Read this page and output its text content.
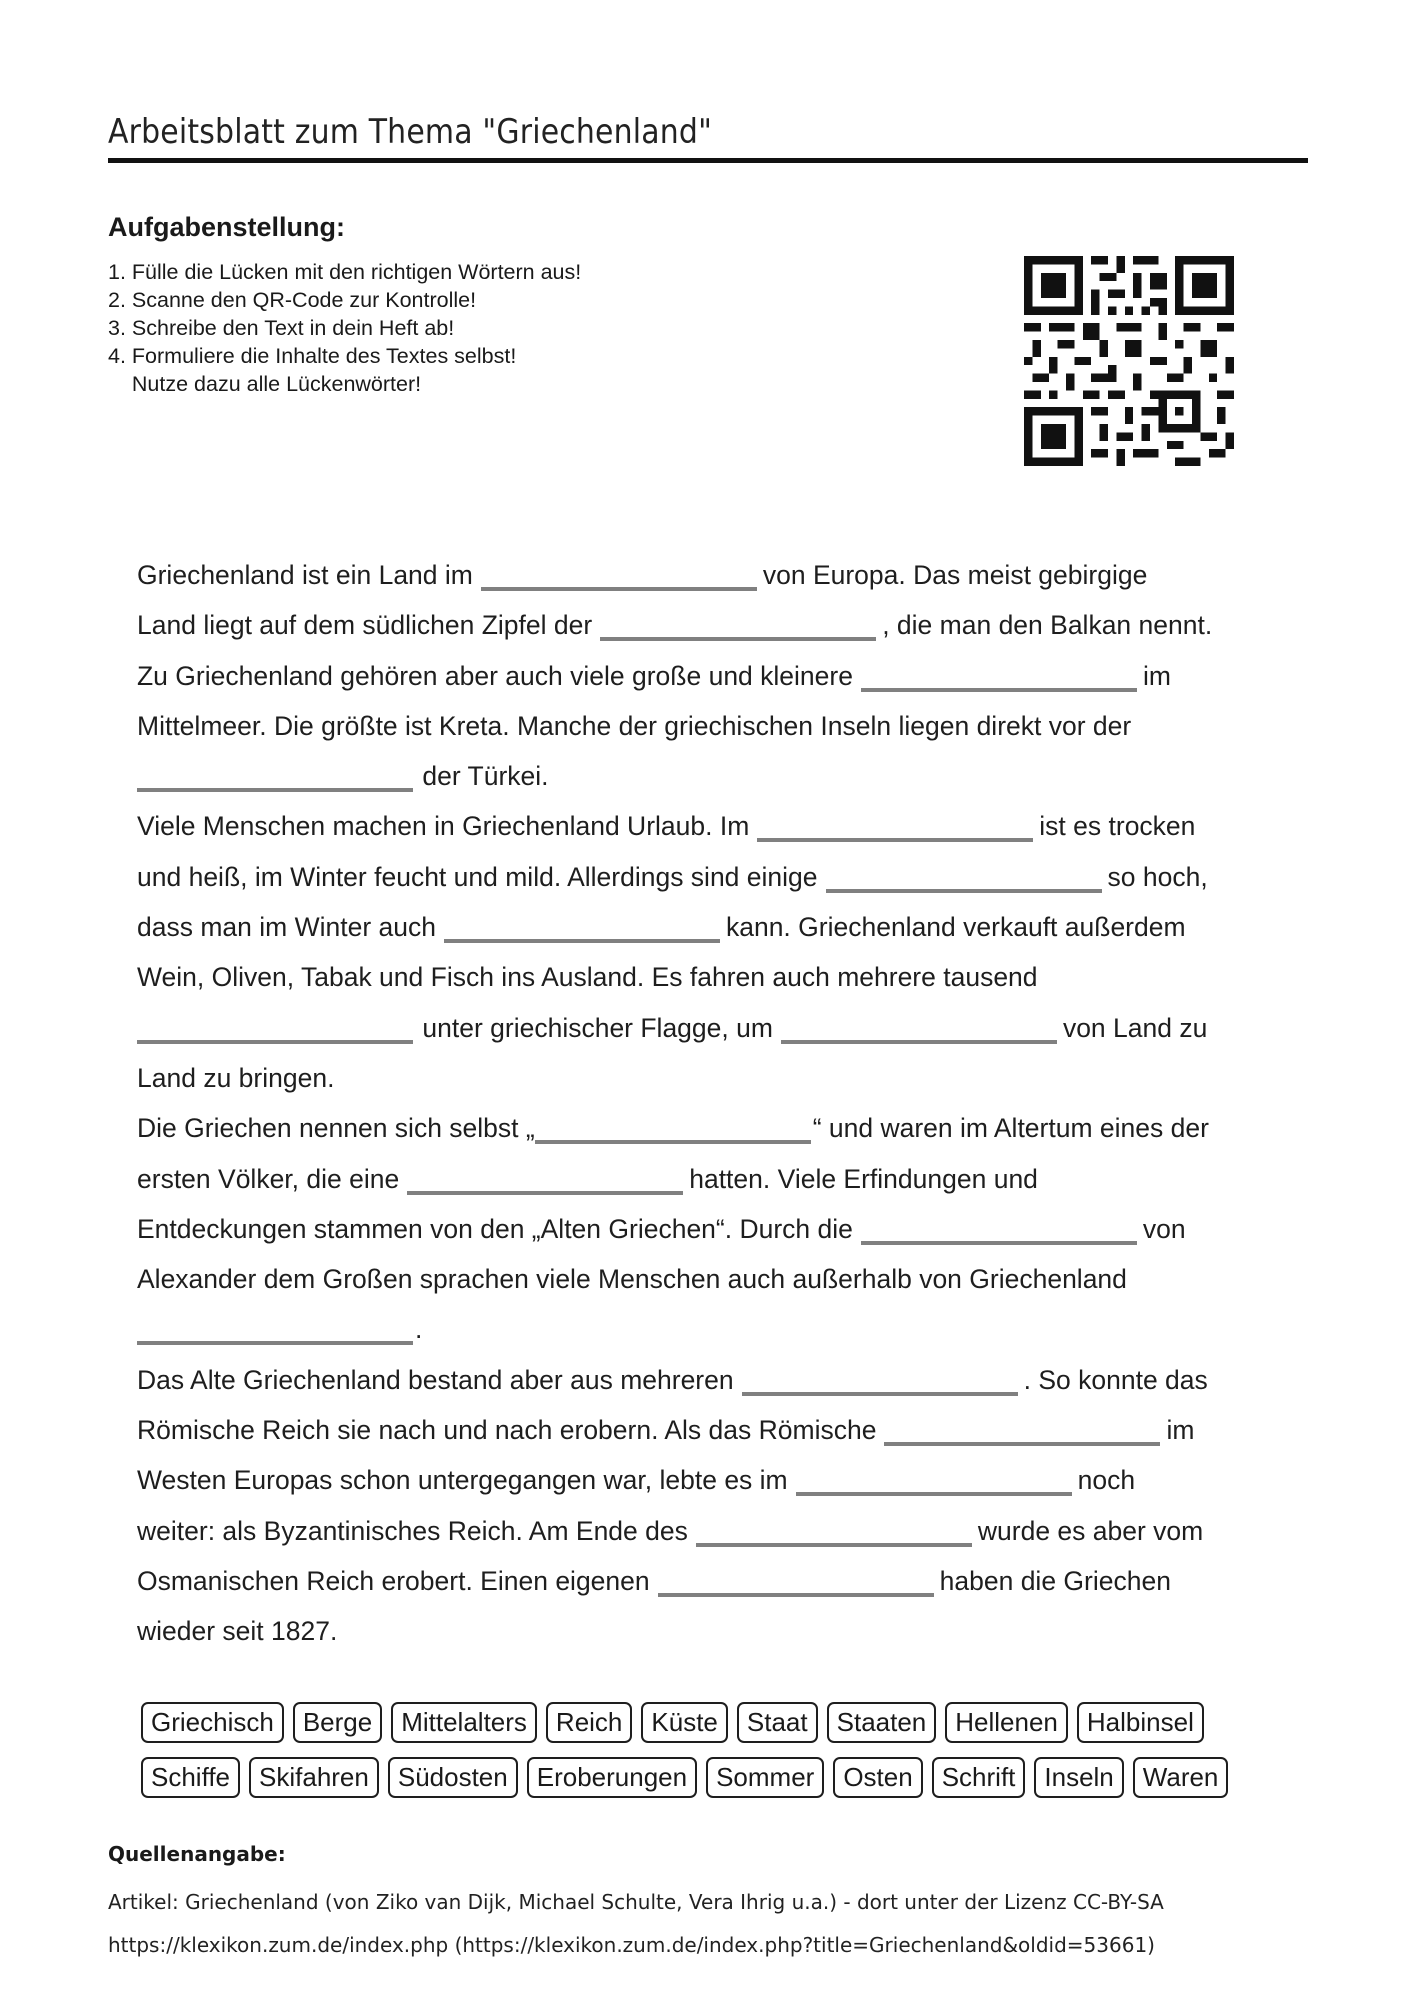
Arbeitsblatt zum Thema "Griechenland"
Aufgabenstellung:
1. Fülle die Lücken mit den richtigen Wörtern aus!
2. Scanne den QR-Code zur Kontrolle!
3. Schreibe den Text in dein Heft ab!
4. Formuliere die Inhalte des Textes selbst!
Nutze dazu alle Lückenwörter!
Griechenland ist ein Land im	von Europa. Das meist gebirgige
Land liegt auf dem südlichen Zipfel der	, die man den Balkan nennt.
Zu Griechenland gehören aber auch viele große und kleinere	im
Mittelmeer. Die größte ist Kreta. Manche der griechischen Inseln liegen direkt vor der
der Türkei.
Viele Menschen machen in Griechenland Urlaub. Im	ist es trocken
und heiß, im Winter feucht und mild. Allerdings sind einige	so hoch,
dass man im Winter auch	kann. Griechenland verkauft außerdem
Wein, Oliven, Tabak und Fisch ins Ausland. Es fahren auch mehrere tausend
unter griechischer Flagge, um	von Land zu
Land zu bringen.
Die Griechen nennen sich selbst „	“ und waren im Altertum eines der
ersten Völker, die eine	hatten. Viele Erfindungen und
Entdeckungen stammen von den „Alten Griechen“. Durch die	von
Alexander dem Großen sprachen viele Menschen auch außerhalb von Griechenland
.
Das Alte Griechenland bestand aber aus mehreren	. So konnte das
Römische Reich sie nach und nach erobern. Als das Römische	im
Westen Europas schon untergegangen war, lebte es im	noch
weiter: als Byzantinisches Reich. Am Ende des	wurde es aber vom
Osmanischen Reich erobert. Einen eigenen	haben die Griechen
wieder seit 1827.
Griechisch	Berge	Mittelalters	Reich	Küste	Staat	Staaten	Hellenen	Halbinsel
Schiffe	Skifahren	Südosten	Eroberungen	Sommer	Osten	Schrift	Inseln	Waren
Quellenangabe:
Artikel: Griechenland (von Ziko van Dijk, Michael Schulte, Vera Ihrig u.a.) - dort unter der Lizenz CC-BY-SA
https://klexikon.zum.de/index.php (https://klexikon.zum.de/index.php?title=Griechenland&oldid=53661)
